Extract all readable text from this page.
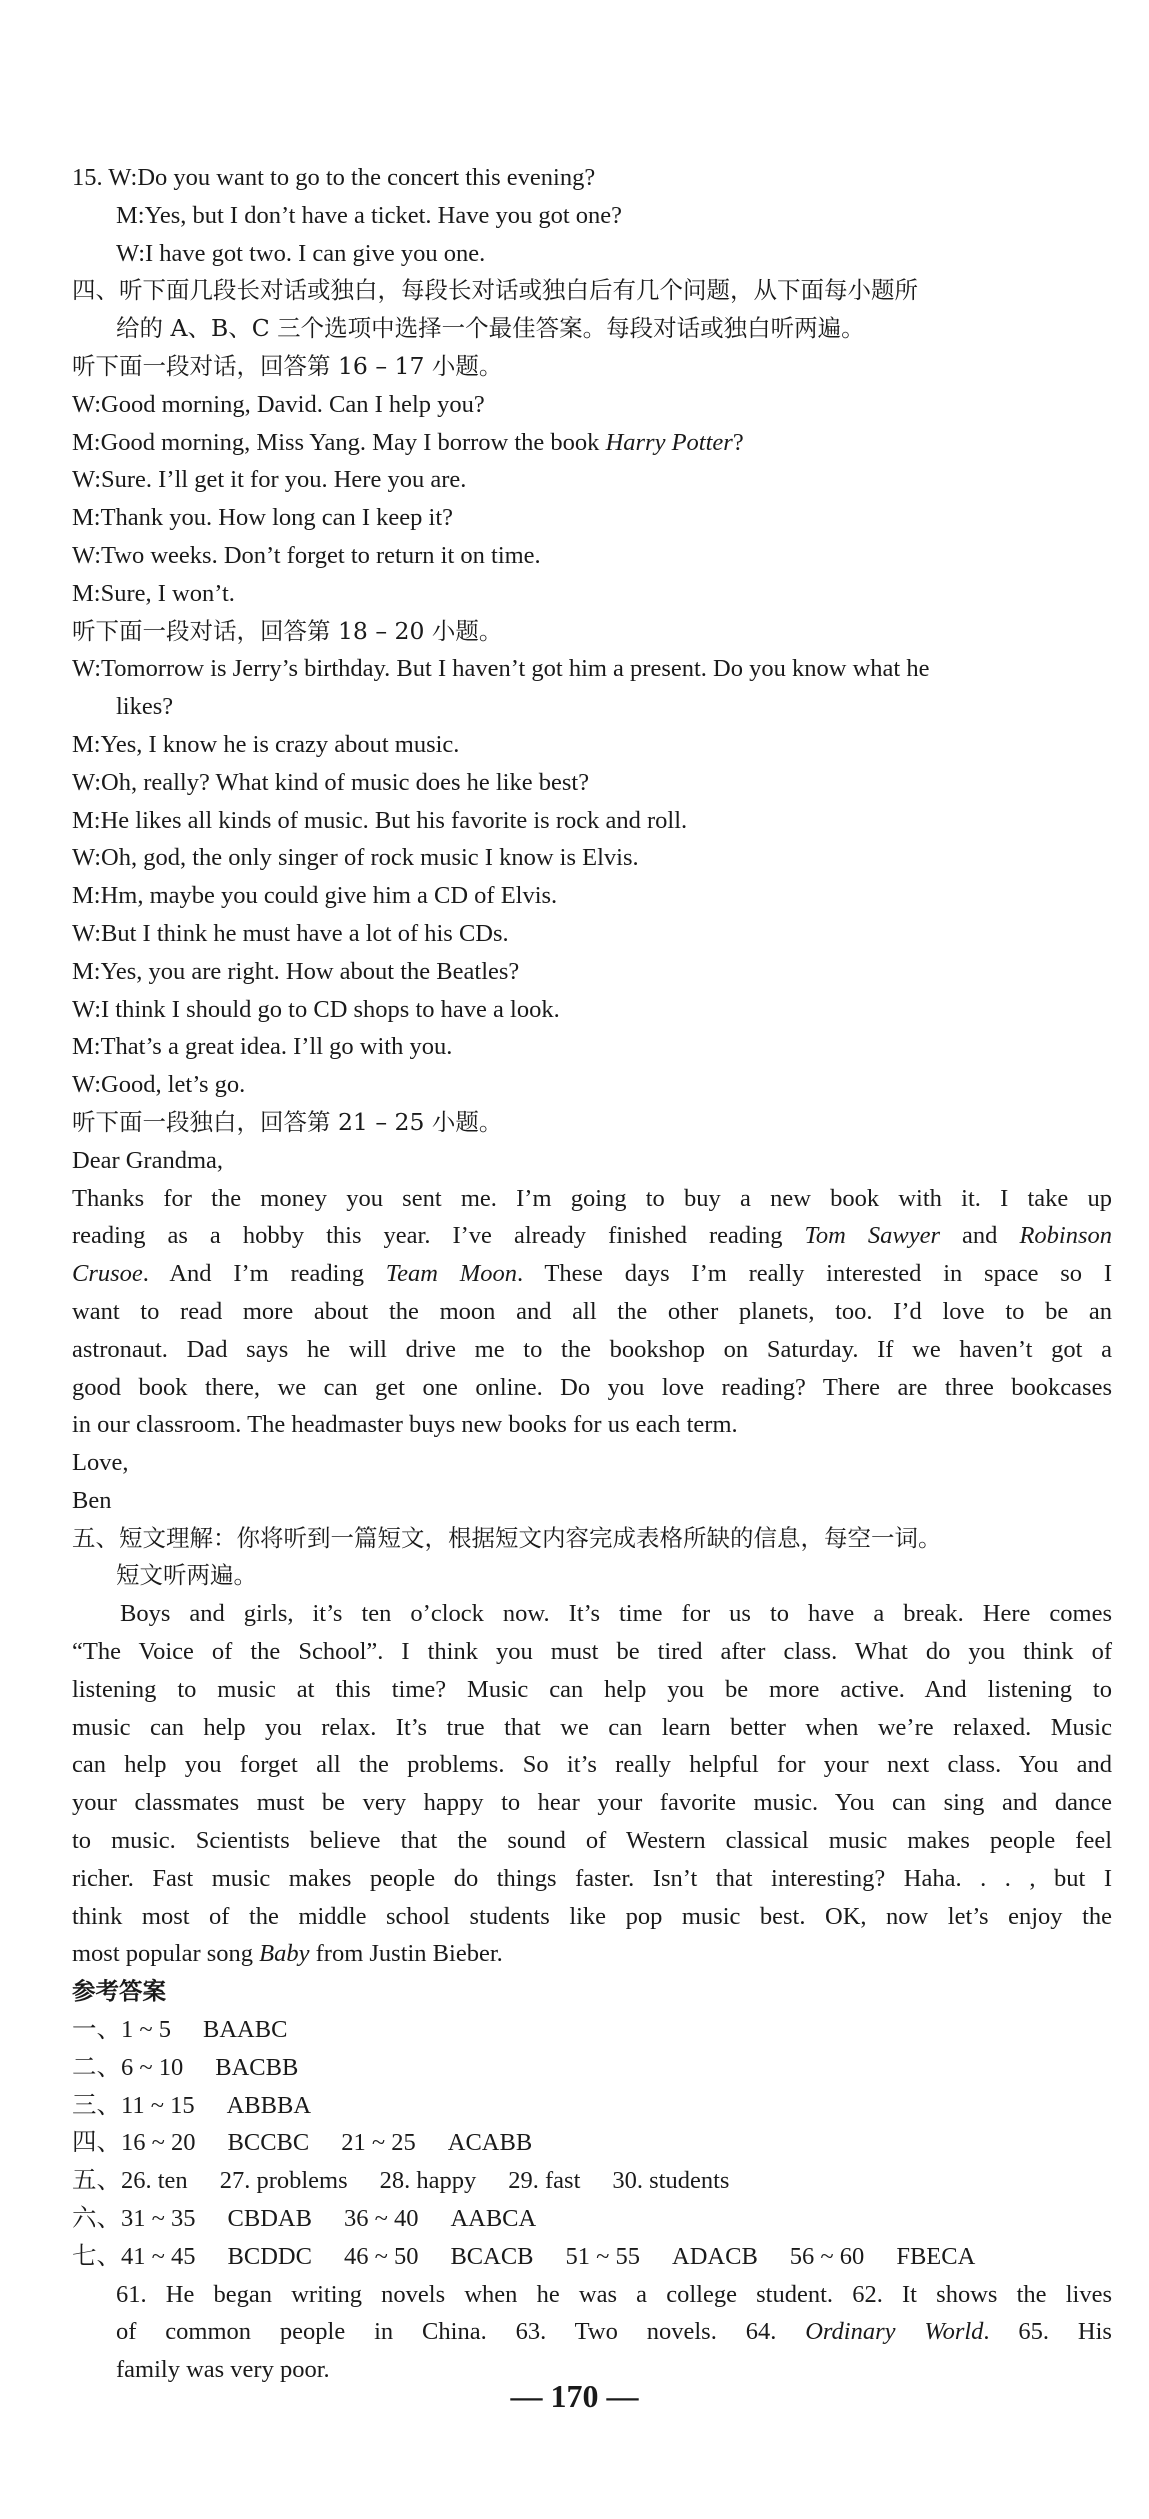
15. W:Do you want to go to the concert this evening?
M:Yes, but I don’t have a ticket. Have you got one?
W:I have got two. I can give you one.
四、听下面几段长对话或独白，每段长对话或独白后有几个问题，从下面每小题所
给的 A、B、C 三个选项中选择一个最佳答案。每段对话或独白听两遍。
听下面一段对话，回答第 16 – 17 小题。
W:Good morning, David. Can I help you?
M:Good morning, Miss Yang. May I borrow the book Harry Potter?
W:Sure. I’ll get it for you. Here you are.
M:Thank you. How long can I keep it?
W:Two weeks. Don’t forget to return it on time.
M:Sure, I won’t.
听下面一段对话，回答第 18 – 20 小题。
W:Tomorrow is Jerry’s birthday. But I haven’t got him a present. Do you know what he
likes?
M:Yes, I know he is crazy about music.
W:Oh, really? What kind of music does he like best?
M:He likes all kinds of music. But his favorite is rock and roll.
W:Oh, god, the only singer of rock music I know is Elvis.
M:Hm, maybe you could give him a CD of Elvis.
W:But I think he must have a lot of his CDs.
M:Yes, you are right. How about the Beatles?
W:I think I should go to CD shops to have a look.
M:That’s a great idea. I’ll go with you.
W:Good, let’s go.
听下面一段独白，回答第 21 – 25 小题。
Dear Grandma,
Thanks for the money you sent me. I’m going to buy a new book with it. I take up
reading as a hobby this year. I’ve already finished reading Tom Sawyer and Robinson
Crusoe. And I’m reading Team Moon. These days I’m really interested in space so I
want to read more about the moon and all the other planets, too. I’d love to be an
astronaut. Dad says he will drive me to the bookshop on Saturday. If we haven’t got a
good book there, we can get one online. Do you love reading? There are three bookcases
in our classroom. The headmaster buys new books for us each term.
Love,
Ben
五、短文理解：你将听到一篇短文，根据短文内容完成表格所缺的信息，每空一词。
短文听两遍。
Boys and girls, it’s ten o’clock now. It’s time for us to have a break. Here comes
“The Voice of the School”. I think you must be tired after class. What do you think of
listening to music at this time? Music can help you be more active. And listening to
music can help you relax. It’s true that we can learn better when we’re relaxed. Music
can help you forget all the problems. So it’s really helpful for your next class. You and
your classmates must be very happy to hear your favorite music. You can sing and dance
to music. Scientists believe that the sound of Western classical music makes people feel
richer. Fast music makes people do things faster. Isn’t that interesting? Haha. . . , but I
think most of the middle school students like pop music best. OK, now let’s enjoy the
most popular song Baby from Justin Bieber.
参考答案
一、1 ~ 5 BAABC
二、6 ~ 10 BACBB
三、11 ~ 15 ABBBA
四、16 ~ 20 BCCBC 21 ~ 25 ACABB
五、26. ten 27. problems 28. happy 29. fast 30. students
六、31 ~ 35 CBDAB 36 ~ 40 AABCA
七、41 ~ 45 BCDDC 46 ~ 50 BCACB 51 ~ 55 ADACB 56 ~ 60 FBECA
61. He began writing novels when he was a college student. 62. It shows the lives
of common people in China. 63. Two novels. 64. Ordinary World. 65. His
family was very poor.
— 170 —
